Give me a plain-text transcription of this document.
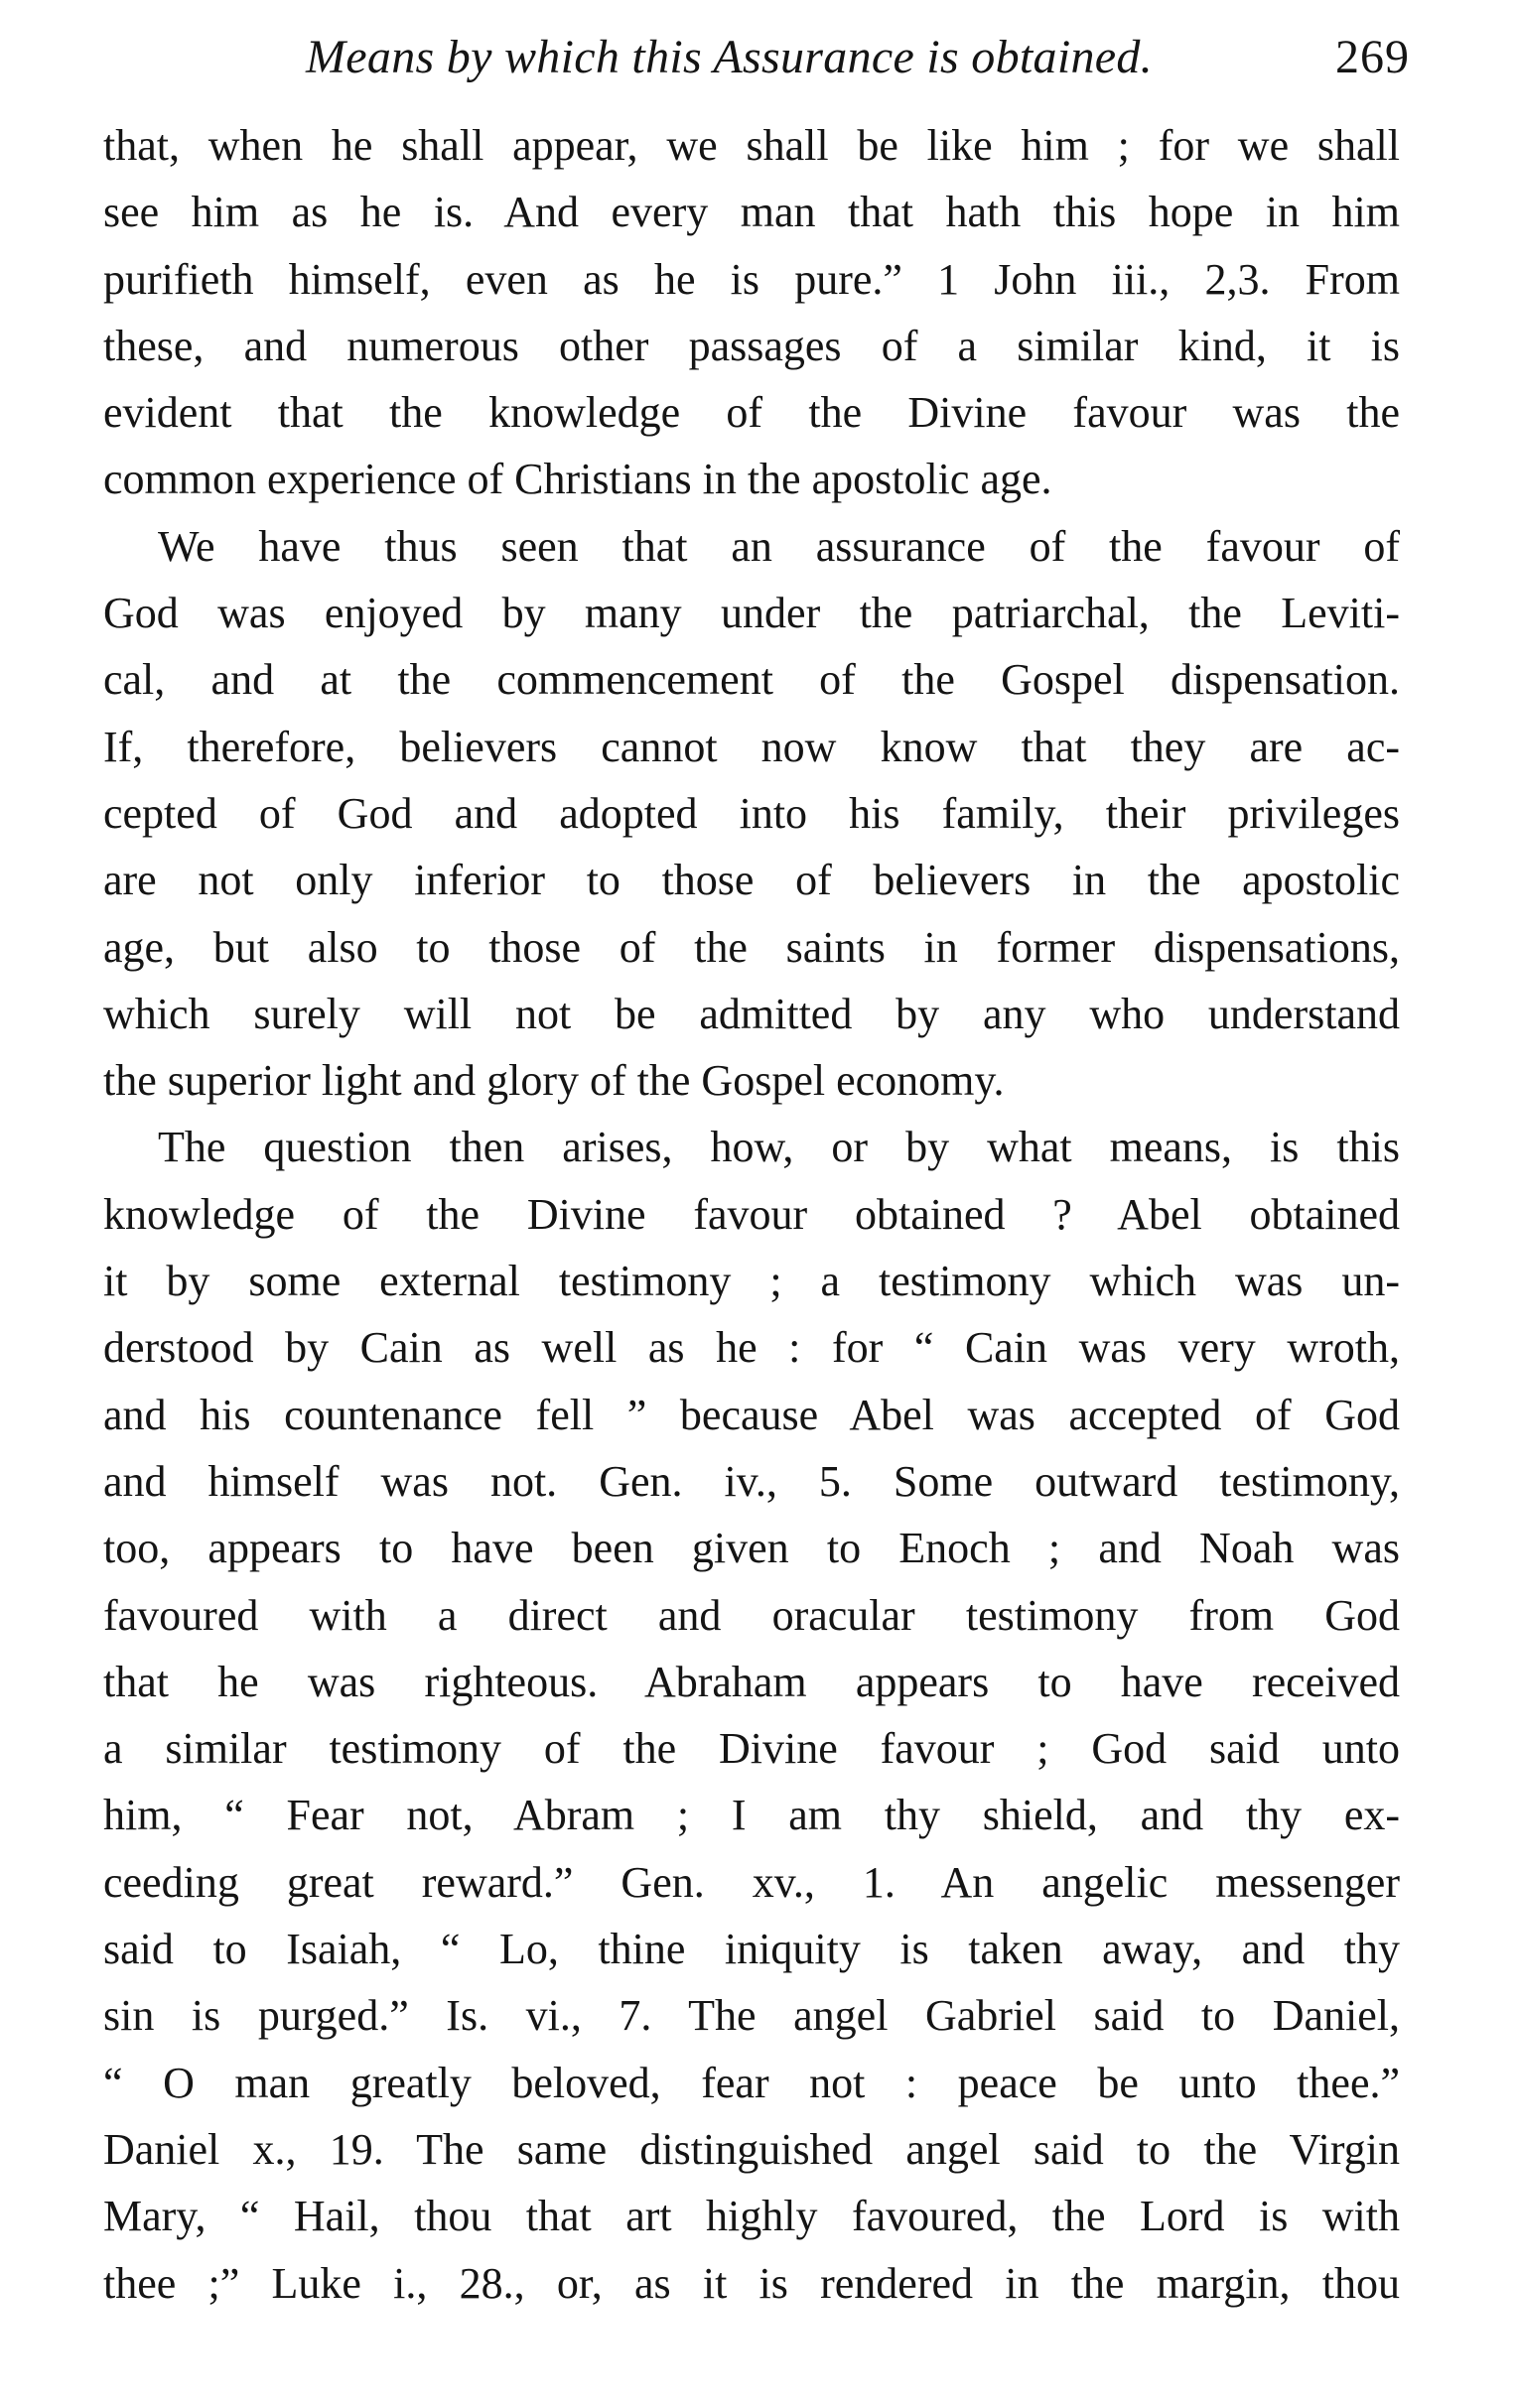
Means by which this Assurance is obtained.	269
that, when he shall appear, we shall be like him ; for we shall
see him as he is. And every man that hath this hope in him
purifieth himself, even as he is pure.” 1 John iii., 2,3. From
these, and numerous other passages of a similar kind, it is
evident that the knowledge of the Divine favour was the
common experience of Christians in the apostolic age.
We have thus seen that an assurance of the favour of
God was enjoyed by many under the patriarchal, the Leviti-
cal, and at the commencement of the Gospel dispensation.
If, therefore, believers cannot now know that they are ac-
cepted of God and adopted into his family, their privileges
are not only inferior to those of believers in the apostolic
age, but also to those of the saints in former dispensations,
which surely will not be admitted by any who understand
the superior light and glory of the Gospel economy.
The question then arises, how, or by what means, is this
knowledge of the Divine favour obtained ? Abel obtained
it by some external testimony ; a testimony which was un-
derstood by Cain as well as he : for “ Cain was very wroth,
and his countenance fell ” because Abel was accepted of God
and himself was not. Gen. iv., 5. Some outward testimony,
too, appears to have been given to Enoch ; and Noah was
favoured with a direct and oracular testimony from God
that he was righteous. Abraham appears to have received
a similar testimony of the Divine favour ; God said unto
him, “ Fear not, Abram ; I am thy shield, and thy ex-
ceeding great reward.” Gen. xv., 1. An angelic messenger
said to Isaiah, “ Lo, thine iniquity is taken away, and thy
sin is purged.” Is. vi., 7. The angel Gabriel said to Daniel,
“ O man greatly beloved, fear not : peace be unto thee.”
Daniel x., 19. The same distinguished angel said to the Virgin
Mary, “ Hail, thou that art highly favoured, the Lord is with
thee ;” Luke i., 28., or, as it is rendered in the margin, thou
